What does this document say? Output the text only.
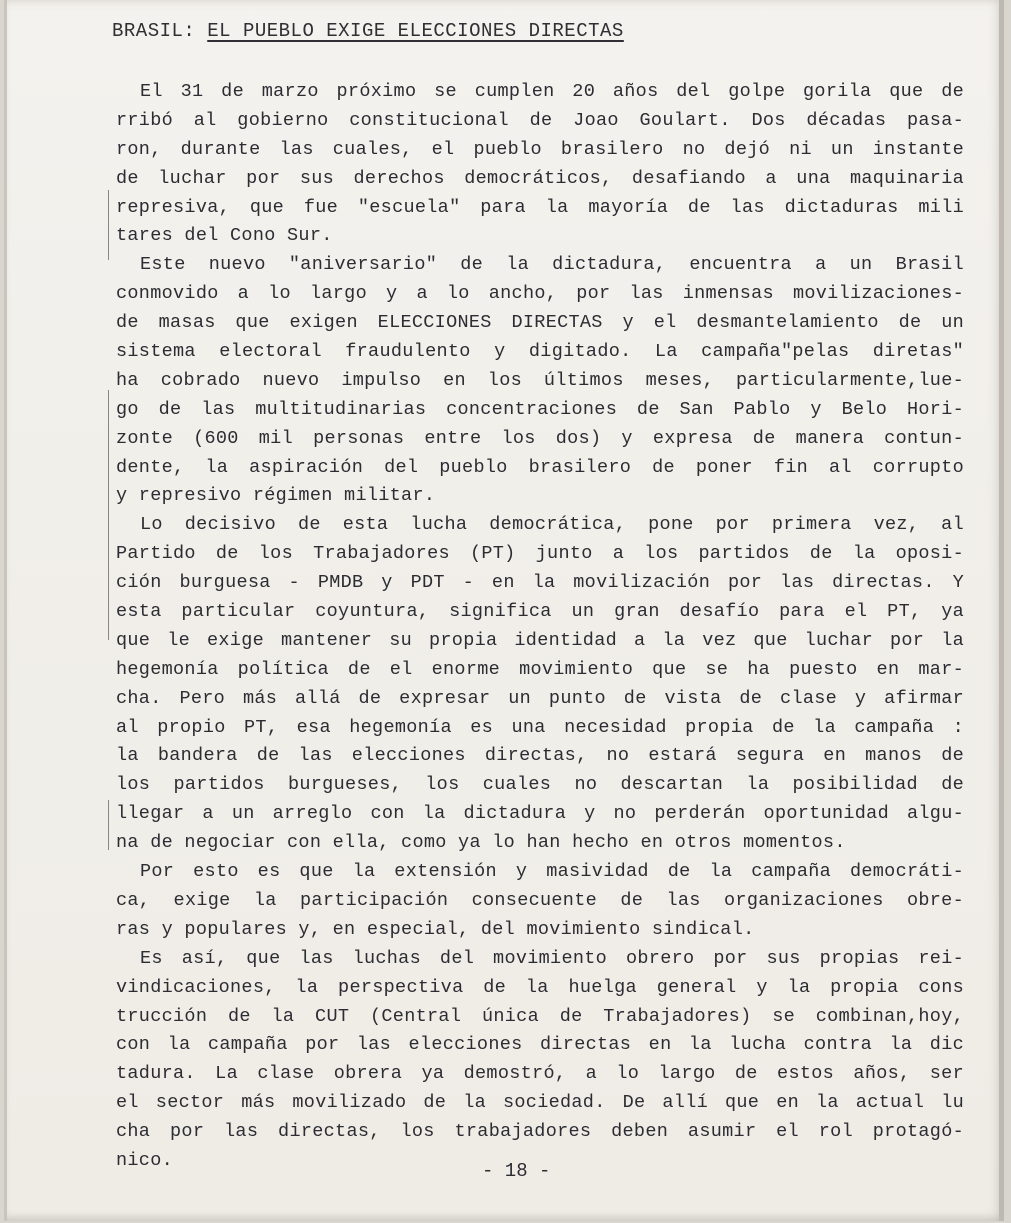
BRASIL: EL PUEBLO EXIGE ELECCIONES DIRECTAS
El 31 de marzo próximo se cumplen 20 años del golpe gorila que de
rribó al gobierno constitucional de Joao Goulart. Dos décadas pasa-
ron, durante las cuales, el pueblo brasilero no dejó ni un instante
de luchar por sus derechos democráticos, desafiando a una maquinaria
represiva, que fue "escuela" para la mayoría de las dictaduras mili
tares del Cono Sur.
Este nuevo "aniversario" de la dictadura, encuentra a un Brasil
conmovido a lo largo y a lo ancho, por las inmensas movilizaciones-
de masas que exigen ELECCIONES DIRECTAS y el desmantelamiento de un
sistema electoral fraudulento y digitado. La campaña"pelas diretas"
ha cobrado nuevo impulso en los últimos meses, particularmente,lue-
go de las multitudinarias concentraciones de San Pablo y Belo Hori-
zonte (600 mil personas entre los dos) y expresa de manera contun-
dente, la aspiración del pueblo brasilero de poner fin al corrupto
y represivo régimen militar.
Lo decisivo de esta lucha democrática, pone por primera vez, al
Partido de los Trabajadores (PT) junto a los partidos de la oposi-
ción burguesa - PMDB y PDT - en la movilización por las directas. Y
esta particular coyuntura, significa un gran desafío para el PT, ya
que le exige mantener su propia identidad a la vez que luchar por la
hegemonía política de el enorme movimiento que se ha puesto en mar-
cha. Pero más allá de expresar un punto de vista de clase y afirmar
al propio PT, esa hegemonía es una necesidad propia de la campaña :
la bandera de las elecciones directas, no estará segura en manos de
los partidos burgueses, los cuales no descartan la posibilidad de
llegar a un arreglo con la dictadura y no perderán oportunidad algu-
na de negociar con ella, como ya lo han hecho en otros momentos.
Por esto es que la extensión y masividad de la campaña democráti-
ca, exige la participación consecuente de las organizaciones obre-
ras y populares y, en especial, del movimiento sindical.
Es así, que las luchas del movimiento obrero por sus propias rei-
vindicaciones, la perspectiva de la huelga general y la propia cons
trucción de la CUT (Central única de Trabajadores) se combinan,hoy,
con la campaña por las elecciones directas en la lucha contra la dic
tadura. La clase obrera ya demostró, a lo largo de estos años, ser
el sector más movilizado de la sociedad. De allí que en la actual lu
cha por las directas, los trabajadores deben asumir el rol protagó-
nico.	- 18 -
